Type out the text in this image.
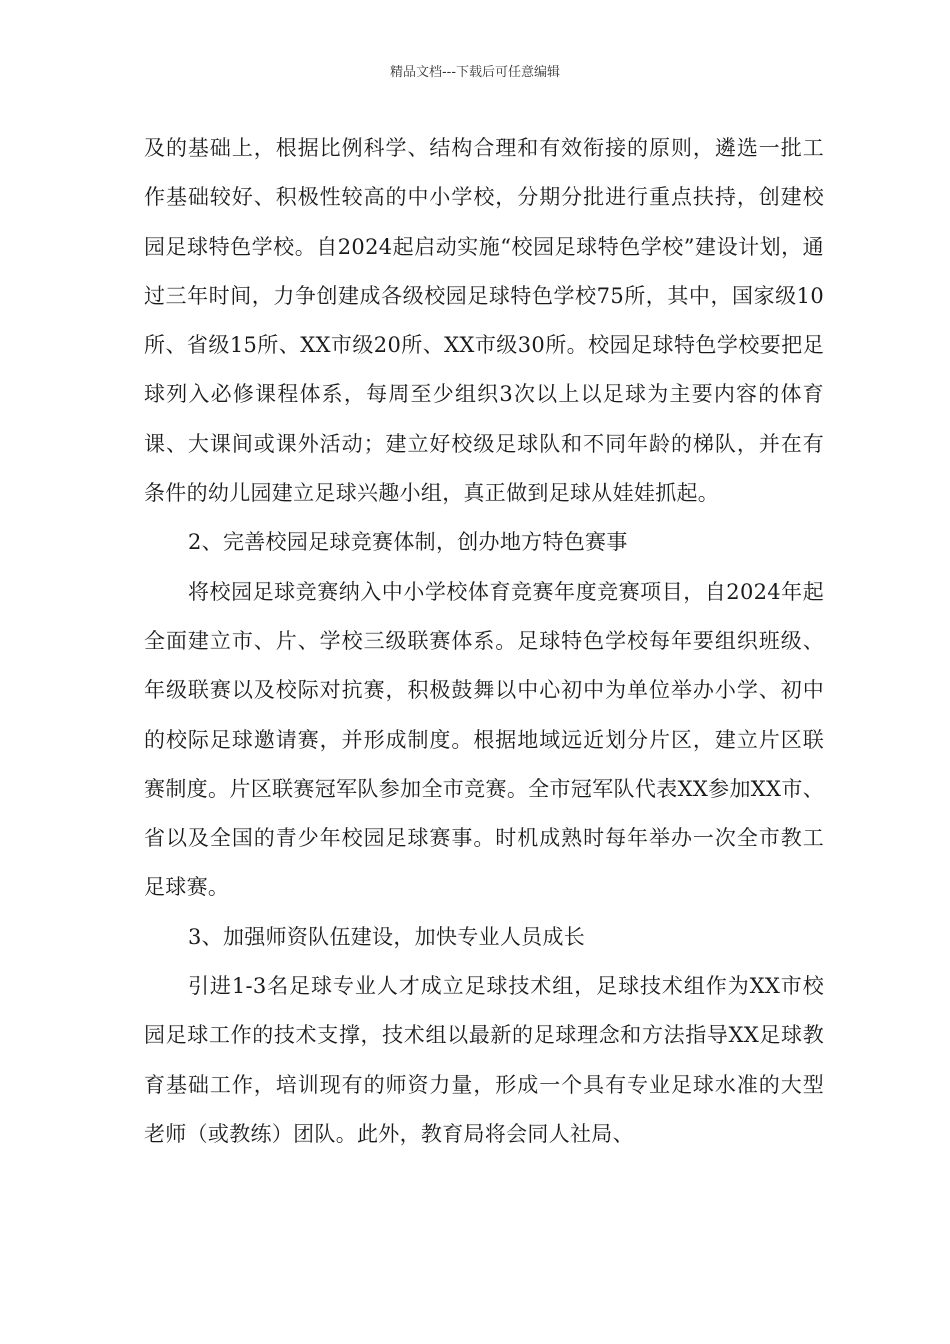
精品文档---下载后可任意编辑

及的基础上，根据比例科学、结构合理和有效衔接的原则，遴选一批工作基础较好、积极性较高的中小学校，分期分批进行重点扶持，创建校园足球特色学校。自2024起启动实施“校园足球特色学校”建设计划，通过三年时间，力争创建成各级校园足球特色学校75所，其中，国家级10所、省级15所、XX市级20所、XX市级30所。校园足球特色学校要把足球列入必修课程体系，每周至少组织3次以上以足球为主要内容的体育课、大课间或课外活动；建立好校级足球队和不同年龄的梯队，并在有条件的幼儿园建立足球兴趣小组，真正做到足球从娃娃抓起。

2、完善校园足球竞赛体制，创办地方特色赛事

将校园足球竞赛纳入中小学校体育竞赛年度竞赛项目，自2024年起全面建立市、片、学校三级联赛体系。足球特色学校每年要组织班级、年级联赛以及校际对抗赛，积极鼓舞以中心初中为单位举办小学、初中的校际足球邀请赛，并形成制度。根据地域远近划分片区，建立片区联赛制度。片区联赛冠军队参加全市竞赛。全市冠军队代表XX参加XX市、省以及全国的青少年校园足球赛事。时机成熟时每年举办一次全市教工足球赛。

3、加强师资队伍建设，加快专业人员成长

引进1-3名足球专业人才成立足球技术组，足球技术组作为XX市校园足球工作的技术支撑，技术组以最新的足球理念和方法指导XX足球教育基础工作，培训现有的师资力量，形成一个具有专业足球水准的大型老师（或教练）团队。此外，教育局将会同人社局、
